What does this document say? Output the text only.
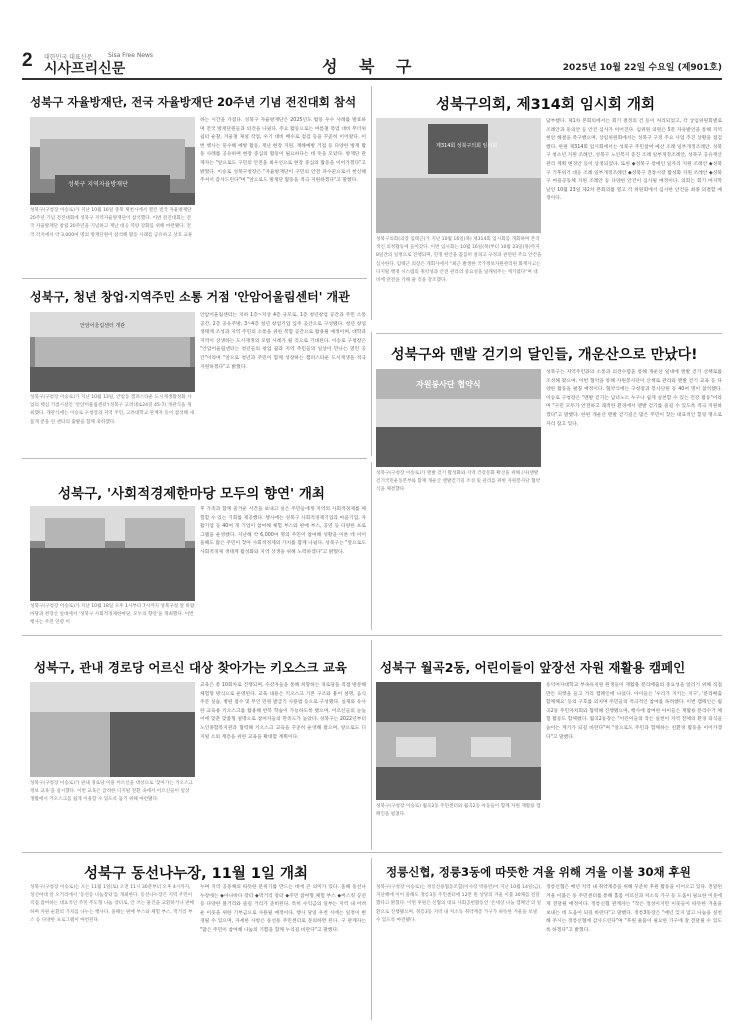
2 대한민국 대표신문
시사프리신문
Sisa Free News
성 북 구	2025년 10월 22일 수요일 (제901호)
성북구 자율방재단, 전국 자율방재단 20주년 기념 전진대회 참석
성북구 지역자율방재단
성북구(구청장 이승로)가 지난 10월 16일 충북 제천시에서 열린 전국 자율방재단 20주년 기념 전진대회에 성북구 지역자율방재단이 참석했다. 이번 전진대회는 전국 자율방재단 창립 20주년을 기념하고 재난 대응 역량 강화를 위해 마련됐다. 전국 각지에서 약 3,000여 명의 방재단원이 참석해 활동 사례를 공유하고 상호 교류
하는 시간을 가졌다. 성북구 자율방재단은 2025년도 활동 우수 사례를 발표하며 전국 방재단원들과 의견을 나눴다. 주요 활동으로는 여름철 폭염 대비 무더위 쉼터 순찰, 겨울철 제설 작업, 우기 대비 배수로 점검 등을 꾸준히 이어왔다. 이번 행사는 풍수해 예방 활동, 재난 현장 지원, 재해예방 거점 등 다양한 방재 활동 사례를 공유하며 현장 중심의 활동이 필요하다는 데 뜻을 모았다. 방재단 관계자는 "앞으로도 구민의 안전을 최우선으로 현장 중심의 활동을 이어가겠다"고 밝혔다. 이승로 성북구청장은 "자율방재단이 구민의 안전 파수꾼으로서 헌신해 주셔서 감사드린다"며 "앞으로도 방재단 활동을 적극 지원하겠다"고 말했다.
성북구의회, 제314회 임시회 개회
제314회 성북구의회 임시회
성북구의회(의장 임태근)가 지난 10월 16일(목) 제314회 임시회를 개회하며 본격적인 의정활동에 들어갔다. 이번 임시회는 10월 16일(목)부터 10월 23일(목)까지 8일간의 일정으로 진행되며, 민생 현안을 꼼꼼히 살피고 구정과 관련된 주요 안건을 심사한다. 임태근 의장은 개회사에서 "최근 발생한 국가정보자원관리원 화재사고는 디지털 행정 시스템의 취약성과 안전 관리의 중요성을 일깨워주는 계기였다"며 대비에 만전을 기해 줄 것을 강조했다.
담부했다. 제1차 본회의에서는 회기 결정의 건 등이 처리되었고, 각 상임위원회별로 조례안과 동의안 등 안건 심사가 이어진다. 임위원 의원은 5분 자유발언을 통해 지역 현안 해결을 촉구했으며, 상임위원회에서는 성북구 구정 주요 사업 추진 상황을 점검했다. 한편 제314회 임시회에서는 성북구 주민참여 예산 조례 일부개정조례안, 성북구 청소년 지원 조례안, 성북구 노인복지 증진 조례 일부개정조례안, 성북구 공유재산 관리 계획 변경안 등이 상정되었다. 또한 ◆성북구 장애인 일자리 지원 조례안 ◆성북구 기후위기 대응 조례 일부개정조례안 ◆성북구 전통시장 활성화 지원 조례안 ◆성북구 마을공동체 지원 조례안 등 다양한 안건이 심사될 예정이다. 의회는 회기 마지막 날인 10월 23일 제2차 본회의를 열고 각 위원회에서 심사한 안건을 최종 의결할 예정이다.
성북구, 청년 창업·지역주민 소통 거점 '안암어울림센터' 개관
안암어울림센터 개관
성북구(구청장 이승로)가 지난 10월 13일, 안암동 캠퍼스타운 도시재생활성화 사업의 핵심 거점시설인 '안암어울림센터'(성북구 고려대로24길 45-7) 개관식을 개최했다. 개관식에는 이승로 구청장과 지역 주민, 고려대학교 관계자 등이 참석해 새롭게 문을 연 센터의 출발을 함께 축하했다.
안암어울림센터는 지하 1층~지상 4층 규모로, 1층 청년창업 공간과 주민 소통 공간, 2층 공유주방, 3~4층 청년 창업기업 입주 공간으로 구성됐다. 청년 창업 생태계 조성과 지역 주민의 소통을 위한 복합 공간으로 활용될 예정이며, 대학과 지역이 상생하는 도시재생의 모범 사례가 될 것으로 기대된다. 이승로 구청장은 "안암어울림센터는 청년들의 창업 꿈과 지역 주민들의 일상이 만나는 열린 공간"이라며 "앞으로 청년과 주민이 함께 성장하는 캠퍼스타운 도시재생을 적극 지원하겠다"고 밝혔다.
성북구와 맨발 걷기의 달인들, 개운산으로 만났다!
자원봉사단 협약식
성북구(구청장 이승로)가 맨발 걷기 활성화와 지역 건강문화 확산을 위해 (사)맨발걷기국민운동본부와 함께 개운산 맨발걷기길 조성 및 관리를 위한 자원봉사단 협약식을 체결했다.
성북구는 지역주민과의 소통과 의견수렴을 통해 개운산 일대에 맨발 걷기 산책로를 조성해 왔으며, 이번 협약을 통해 자원봉사단이 산책로 관리와 맨발 걷기 교육 등 다양한 활동을 펼칠 예정이다. 협약식에는 구청장과 봉사단원 등 40여 명이 참석했다. 이승로 구청장은 "맨발 걷기는 남녀노소 누구나 쉽게 실천할 수 있는 건강 활동"이라며 "구민 모두가 안전하고 쾌적한 환경에서 맨발 걷기를 즐길 수 있도록 적극 지원하겠다"고 말했다. 한편 개운산 맨발 걷기길은 많은 주민이 찾는 대표적인 힐링 명소로 자리 잡고 있다.
성북구, '사회적경제한마당 모두의 향연' 개최
성북구(구청장 이승로)가 지난 10월 18일 오후 1시부터 7시까지 성북구청 앞 바람마당과 천장산 일대에서 '성북구 사회적경제한마당, 모두의 향연'을 개최했다. 이번 행사는 주민 연령 이
후 가족과 함께 즐거운 시간을 보내고 싶은 주민들에게 지역의 사회적경제를 체험할 수 있는 기회를 제공했다. 행사에는 성북구 사회적경제기업과 마을기업, 자활기업 등 40여 개 기업이 참여해 체험 부스와 판매 부스, 공연 등 다양한 프로그램을 운영했다. 지난해 약 6,000여 명의 주민이 참여해 성황을 이룬 데 이어 올해도 많은 주민이 찾아 사회적경제의 가치를 함께 나눴다. 성북구는 "앞으로도 사회적경제 생태계 활성화와 지역 상생을 위해 노력하겠다"고 밝혔다.
성북구, 관내 경로당 어르신 대상 찾아가는 키오스크 교육
성북구(구청장 이승로)가 관내 경로당 이용 어르신을 대상으로 '찾아가는 키오스크 정보 교육'을 실시했다. 이번 교육은 급격한 디지털 전환 속에서 어르신들이 일상 생활에서 키오스크를 쉽게 이용할 수 있도록 돕기 위해 마련됐다.
교육은 총 10회차로 진행되며, 수강자들을 통해 희망하는 경로당을 직접 방문해 체험형 방식으로 운영된다. 교육 내용은 키오스크 기본 구조와 용어 설명, 음식 주문 실습, 병원 접수 및 무인 민원 발급기 사용법 등으로 구성됐다. 실제와 유사한 교육용 키오스크를 활용해 반복 학습이 가능하도록 했으며, 어르신들의 눈높이에 맞춘 맞춤형 설명으로 참여자들의 만족도가 높았다. 성북구는 2022년부터 노인종합복지관과 협력해 키오스크 교육을 꾸준히 운영해 왔으며, 앞으로도 디지털 소외 계층을 위한 교육을 확대할 계획이다.
성북구 월곡2동, 어린이들이 앞장선 자원 재활용 캠페인
성북구(구청장 이승로) 월곡2동 주민센터와 월곡2동 아동들이 함께 자원 재활용 캠페인을 펼쳤다.
동덕여자대학교 부속유치원 원생들이 재활용 분리배출의 중요성을 알리기 위해 직접 만든 피켓을 들고 거리 캠페인에 나섰다. 아이들은 '우리가 지키는 지구', '분리배출 함께해요' 등의 구호를 외치며 주민들의 적극적인 참여를 독려했다. 이번 캠페인은 월곡2동 주민자치회와 협력해 진행됐으며, 행사에 참여한 아이들은 재활용 분리수거 체험 활동도 함께했다. 월곡2동장은 "어린이들의 작은 실천이 지역 전체의 환경 의식을 높이는 계기가 되길 바란다"며 "앞으로도 주민과 함께하는 친환경 활동을 이어가겠다"고 말했다.
성북구 동선나누장, 11월 1일 개최
성북구(구청장 이승로)는 오는 11월 1일(토) 오전 11시 30분부터 오후 4시까지, 성신여대 앞 오거리에서 '동선동 나눔장터'를 개최한다. 동선나누장은 지역 주민이 직접 참여하는 대표적인 주민 주도형 나눔 장터로, 안 쓰는 물건을 교환하거나 판매하며 자원 순환의 가치를 나누는 행사다. 올해는 판매 부스와 체험 부스, 먹거리 부스 등 다양한 프로그램이 마련된다.
누며 지역 공동체의 따뜻한 분위기를 만드는 데에 큰 의미가 있다. 올해 동선나누장에는 ◆아나바다 장터 ◆먹거리 장터 ◆주민 참여형 체험 부스 ◆버스킹 공연 등 다양한 볼거리와 즐길 거리가 준비된다. 특히 수익금의 일부는 지역 내 어려운 이웃을 위한 기부금으로 사용될 예정이다. 행사 당일 우천 시에는 일정이 변경될 수 있으며, 자세한 사항은 동선동 주민센터로 문의하면 된다. 구 관계자는 "많은 주민이 참여해 나눔의 기쁨을 함께 누리길 바란다"고 말했다.
정릉신협, 정릉3동에 따뜻한 겨울 위해 겨울 이불 30채 후원
성북구(구청장 이승로)는 정릉신용협동조합(이사장 박용완)이 지난 10월 14일(금), 지난해에 이어 올해도 정릉3동 주민센터에 12만 원 상당의 겨울 이불 30채를 전달했다고 밝혔다. 이번 후원은 신협의 대표 사회공헌활동인 '온세상 나눔 캠페인'의 일환으로 진행됐으며, 정릉3동 지역 내 저소득 취약계층 가구가 따뜻한 겨울을 보낼 수 있도록 마련됐다.
정릉신협은 매년 지역 내 취약계층을 위해 꾸준히 후원 활동을 이어오고 있다. 전달된 겨울 이불은 동 주민센터를 통해 홀몸 어르신과 저소득 가구 등 도움이 필요한 이웃에게 전달될 예정이다. 정릉신협 관계자는 "작은 정성이지만 이웃들이 따뜻한 겨울을 보내는 데 도움이 되길 바란다"고 말했다. 정릉3동장은 "매년 잊지 않고 나눔을 실천해 주시는 정릉신협에 감사드린다"며 "후원 물품이 필요한 가구에 잘 전달될 수 있도록 하겠다"고 밝혔다.
